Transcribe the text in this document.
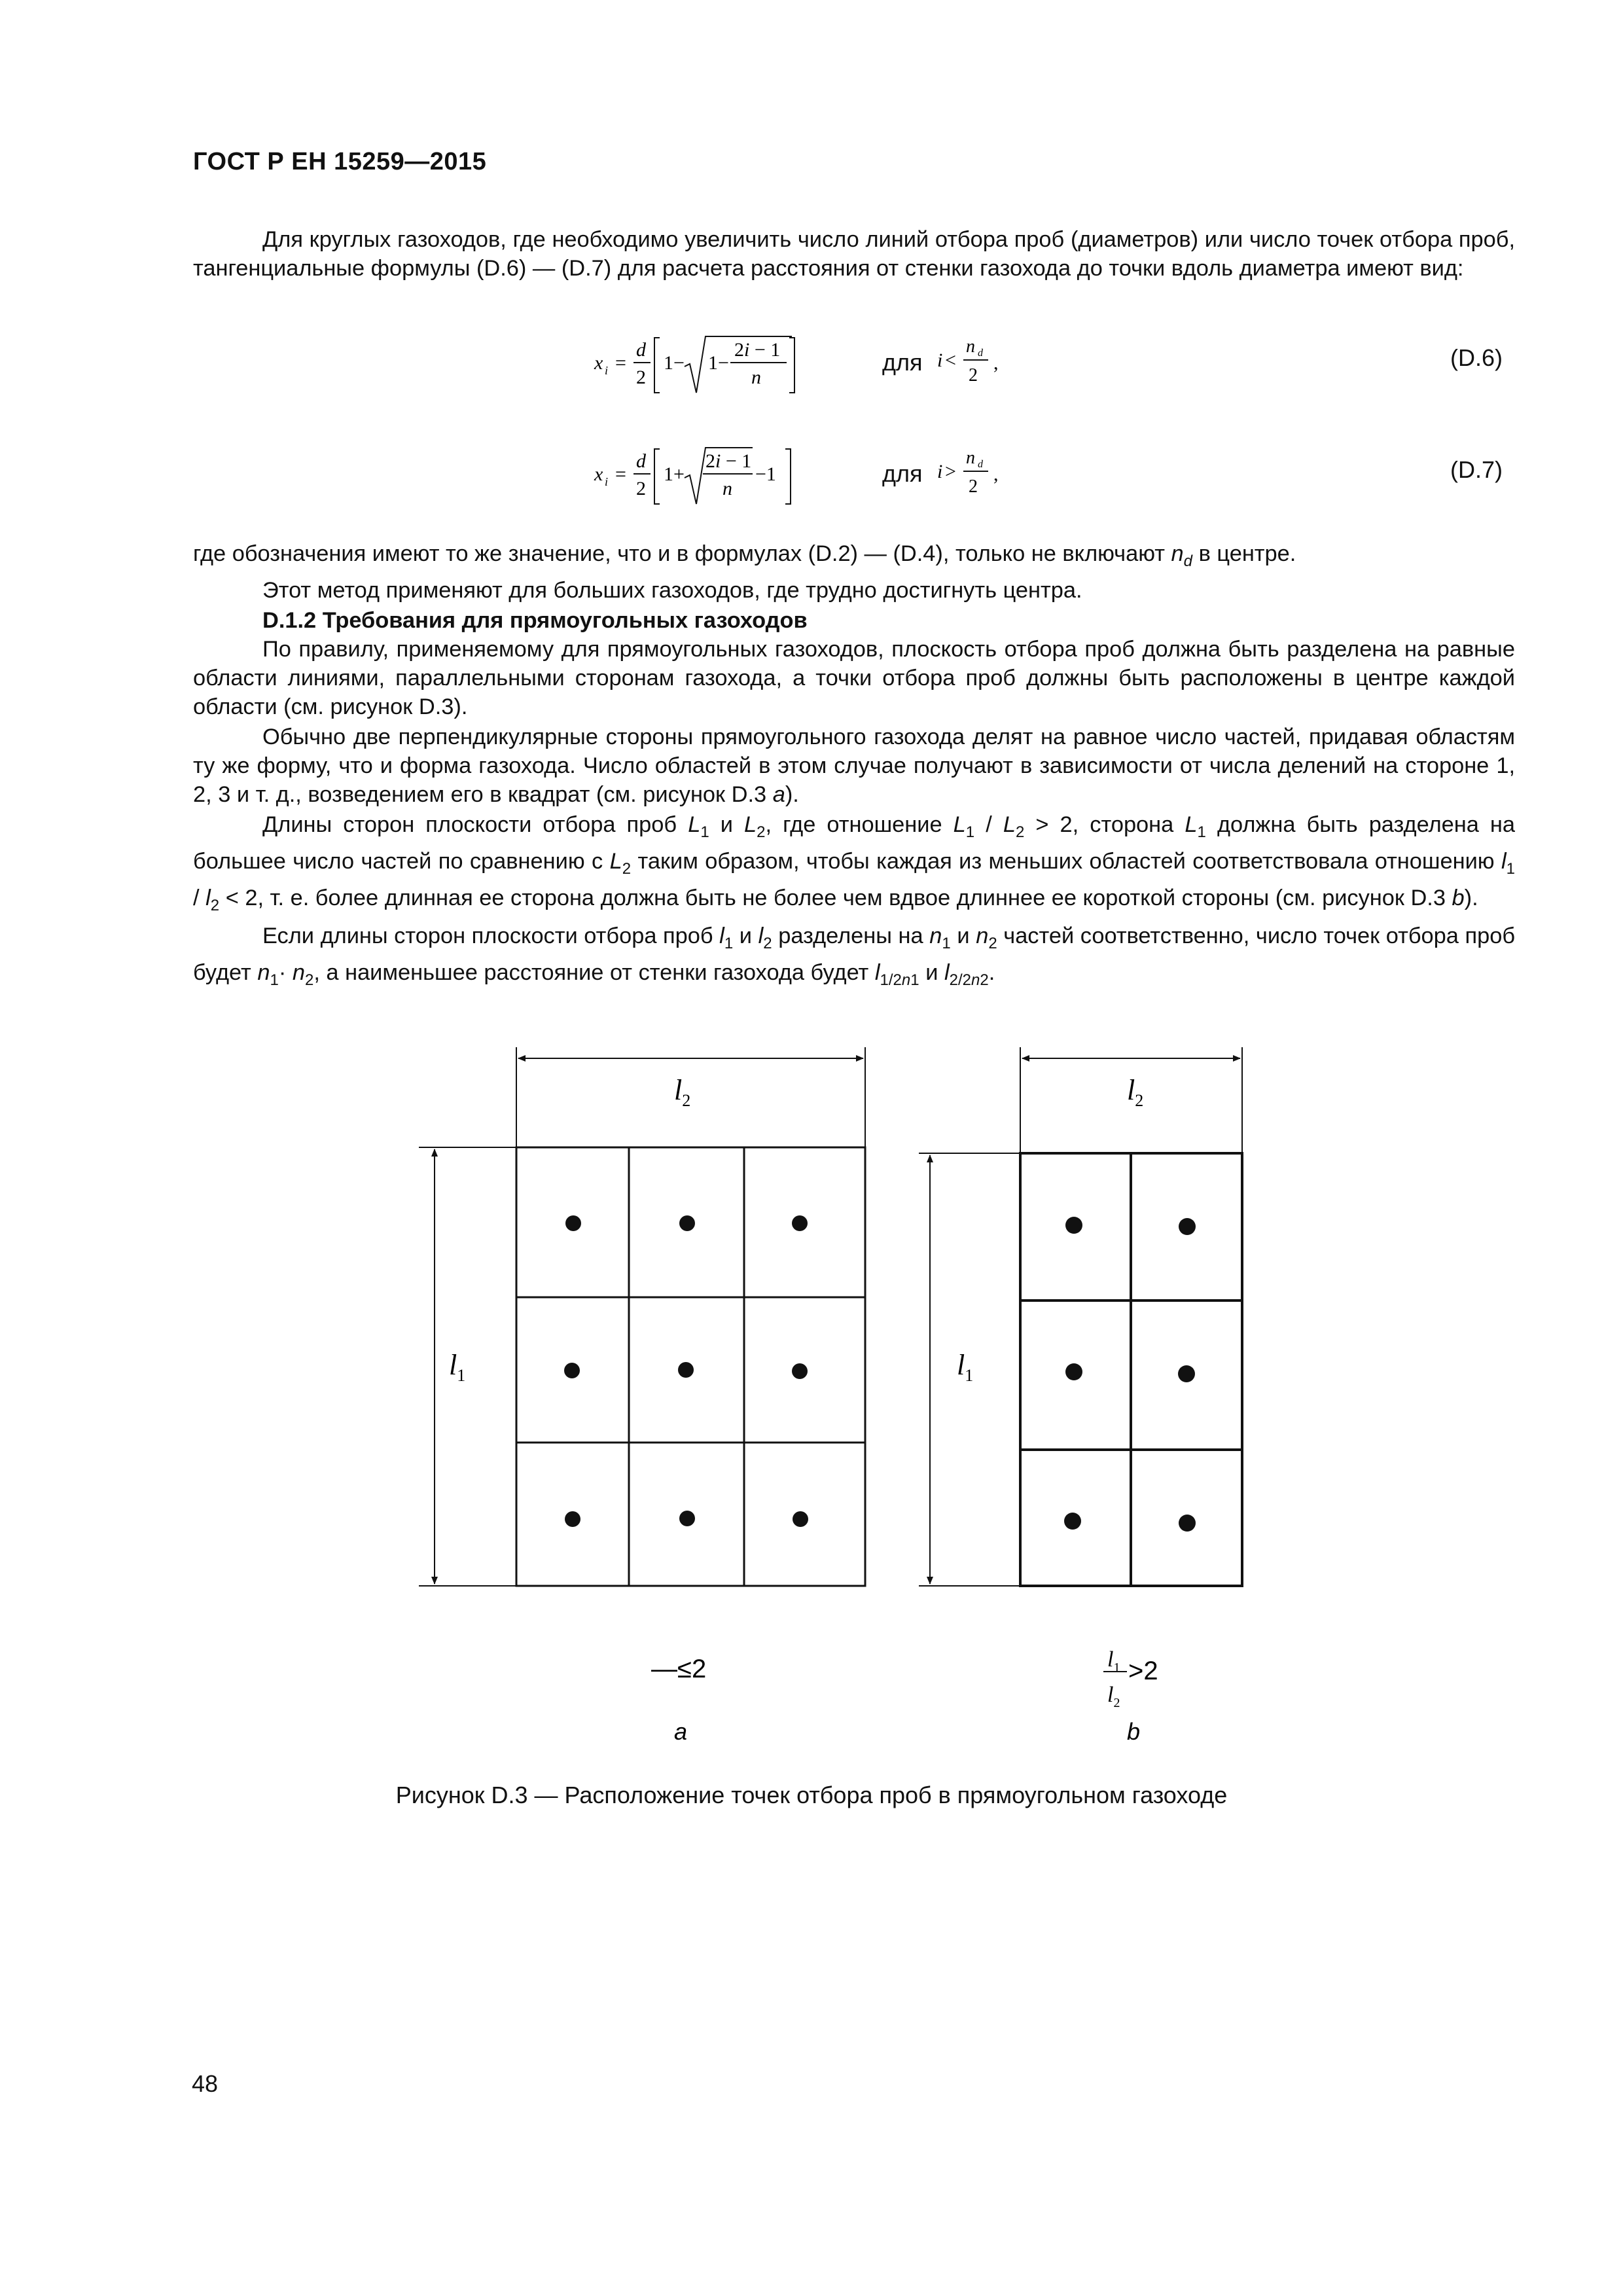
ГОСТ Р ЕН 15259—2015

Для круглых газоходов, где необходимо увеличить число линий отбора проб (диаметров) или число точек отбора проб, тангенциальные формулы (D.6) — (D.7) для расчета расстояния от стенки газохода до точки вдоль диаметра имеют вид:

x i =
d
2
1− 1−
2i − 1
n
для i <
n d
2
,	(D.6)
x i =
d
2
1+
2i − 1
n
−1	для i >
n d
2
,	(D.7)

где обозначения имеют то же значение, что и в формулах (D.2) — (D.4), только не включают $n_d$ в центре.

Этот метод применяют для больших газоходов, где трудно достигнуть центра.

D.1.2 Требования для прямоугольных газоходов

По правилу, применяемому для прямоугольных газоходов, плоскость отбора проб должна быть разделена на равные области линиями, параллельными сторонам газохода, а точки отбора проб должны быть расположены в центре каждой области (см. рисунок D.3).

Обычно две перпендикулярные стороны прямоугольного газохода делят на равное число частей, придавая областям ту же форму, что и форма газохода. Число областей в этом случае получают в зависимости от числа делений на стороне 1, 2, 3 и т. д., возведением его в квадрат (см. рисунок D.3 a).

Длины сторон плоскости отбора проб $L_1$ и $L_2$, где отношение $L_1 / L_2 > 2$, сторона $L_1$ должна быть разделена на большее число частей по сравнению с $L_2$ таким образом, чтобы каждая из меньших областей соответствовала отношению $l_1 / l_2 < 2$, т. е. более длинная ее сторона должна быть не более чем вдвое длиннее ее короткой стороны (см. рисунок D.3 b).

Если длины сторон плоскости отбора проб $l_1$ и $l_2$ разделены на $n_1$ и $n_2$ частей соответственно, число точек отбора проб будет $n_1\cdot n_2$, а наименьшее расстояние от стенки газохода будет $l_{1/2n1}$ и $l_{2/2n2}$.

$l_2$
$l_1$
—≤2
a
$l_2$
$l_1$
$l_1$
$l_2$
>2
b
Рисунок D.3 — Расположение точек отбора проб в прямоугольном газоходе
48
